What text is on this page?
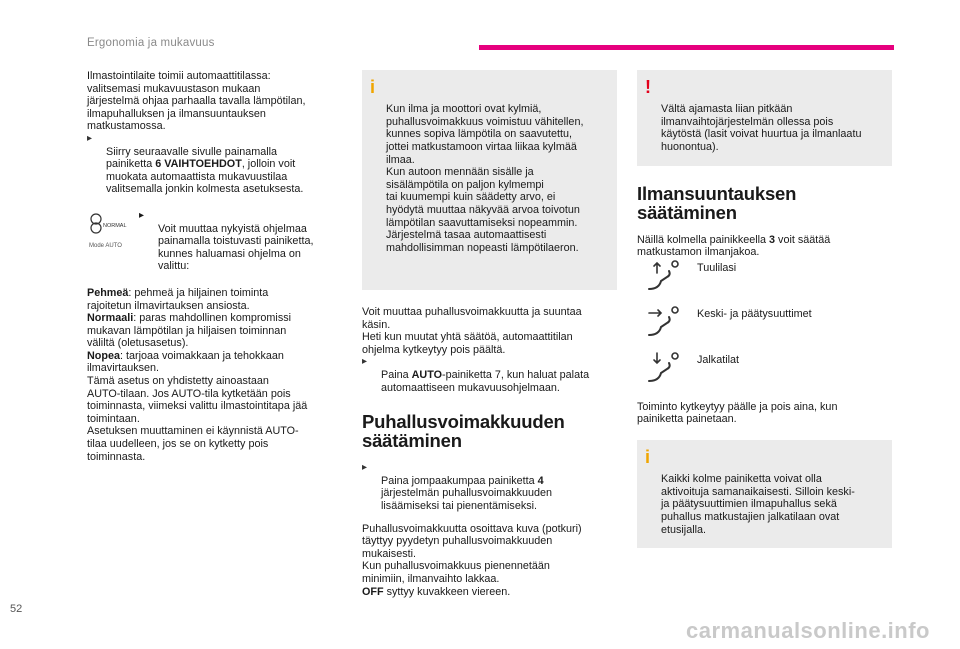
Ergonomia ja mukavuus

Ilmastointilaite toimii automaattitilassa:
valitsemasi mukavuustason mukaan
järjestelmä ohjaa parhaalla tavalla lämpötilan,
ilmapuhalluksen ja ilmansuuntauksen
matkustamossa.

▸
Siirry seuraavalle sivulle painamalla
painiketta 6 VAIHTOEHDOT, jolloin voit
muokata automaattista mukavuustilaa
valitsemalla jonkin kolmesta asetuksesta.

NORMAL
Mode AUTO

▸
Voit muuttaa nykyistä ohjelmaa
painamalla toistuvasti painiketta,
kunnes haluamasi ohjelma on
valittu:

Pehmeä: pehmeä ja hiljainen toiminta
rajoitetun ilmavirtauksen ansiosta.

Normaali: paras mahdollinen kompromissi
mukavan lämpötilan ja hiljaisen toiminnan
väliltä (oletusasetus).

Nopea: tarjoaa voimakkaan ja tehokkaan
ilmavirtauksen.

Tämä asetus on yhdistetty ainoastaan
AUTO-tilaan. Jos AUTO-tila kytketään pois
toiminnasta, viimeksi valittu ilmastointitapa jää
toimintaan.
Asetuksen muuttaminen ei käynnistä AUTO-
tilaa uudelleen, jos se on kytketty pois
toiminnasta.

i

Kun ilma ja moottori ovat kylmiä,
puhallusvoimakkuus voimistuu vähitellen,
kunnes sopiva lämpötila on saavutettu,
jottei matkustamoon virtaa liikaa kylmää
ilmaa.
Kun autoon mennään sisälle ja
sisälämpötila on paljon kylmempi
tai kuumempi kuin säädetty arvo, ei
hyödytä muuttaa näkyvää arvoa toivotun
lämpötilan saavuttamiseksi nopeammin.
Järjestelmä tasaa automaattisesti
mahdollisimman nopeasti lämpötilaeron.

Voit muuttaa puhallusvoimakkuutta ja suuntaa
käsin.
Heti kun muutat yhtä säätöä, automaattitilan
ohjelma kytkeytyy pois päältä.

▸
Paina AUTO-painiketta 7, kun haluat palata
automaattiseen mukavuusohjelmaan.

Puhallusvoimakkuuden
säätäminen

▸
Paina jompaakumpaa painiketta 4
järjestelmän puhallusvoimakkuuden
lisäämiseksi tai pienentämiseksi.

Puhallusvoimakkuutta osoittava kuva (potkuri)
täyttyy pyydetyn puhallusvoimakkuuden
mukaisesti.
Kun puhallusvoimakkuus pienennetään
minimiin, ilmanvaihto lakkaa.
OFF syttyy kuvakkeen viereen.

!

Vältä ajamasta liian pitkään
ilmanvaihtojärjestelmän ollessa pois
käytöstä (lasit voivat huurtua ja ilmanlaatu
huonontua).

Ilmansuuntauksen
säätäminen

Näillä kolmella painikkeella 3 voit säätää
matkustamon ilmanjakoa.

Tuulilasi
Keski- ja päätysuuttimet
Jalkatilat

Toiminto kytkeytyy päälle ja pois aina, kun
painiketta painetaan.

i

Kaikki kolme painiketta voivat olla
aktivoituja samanaikaisesti. Silloin keski-
ja päätysuuttimien ilmapuhallus sekä
puhallus matkustajien jalkatilaan ovat
etusijalla.

52
carmanualsonline.info
